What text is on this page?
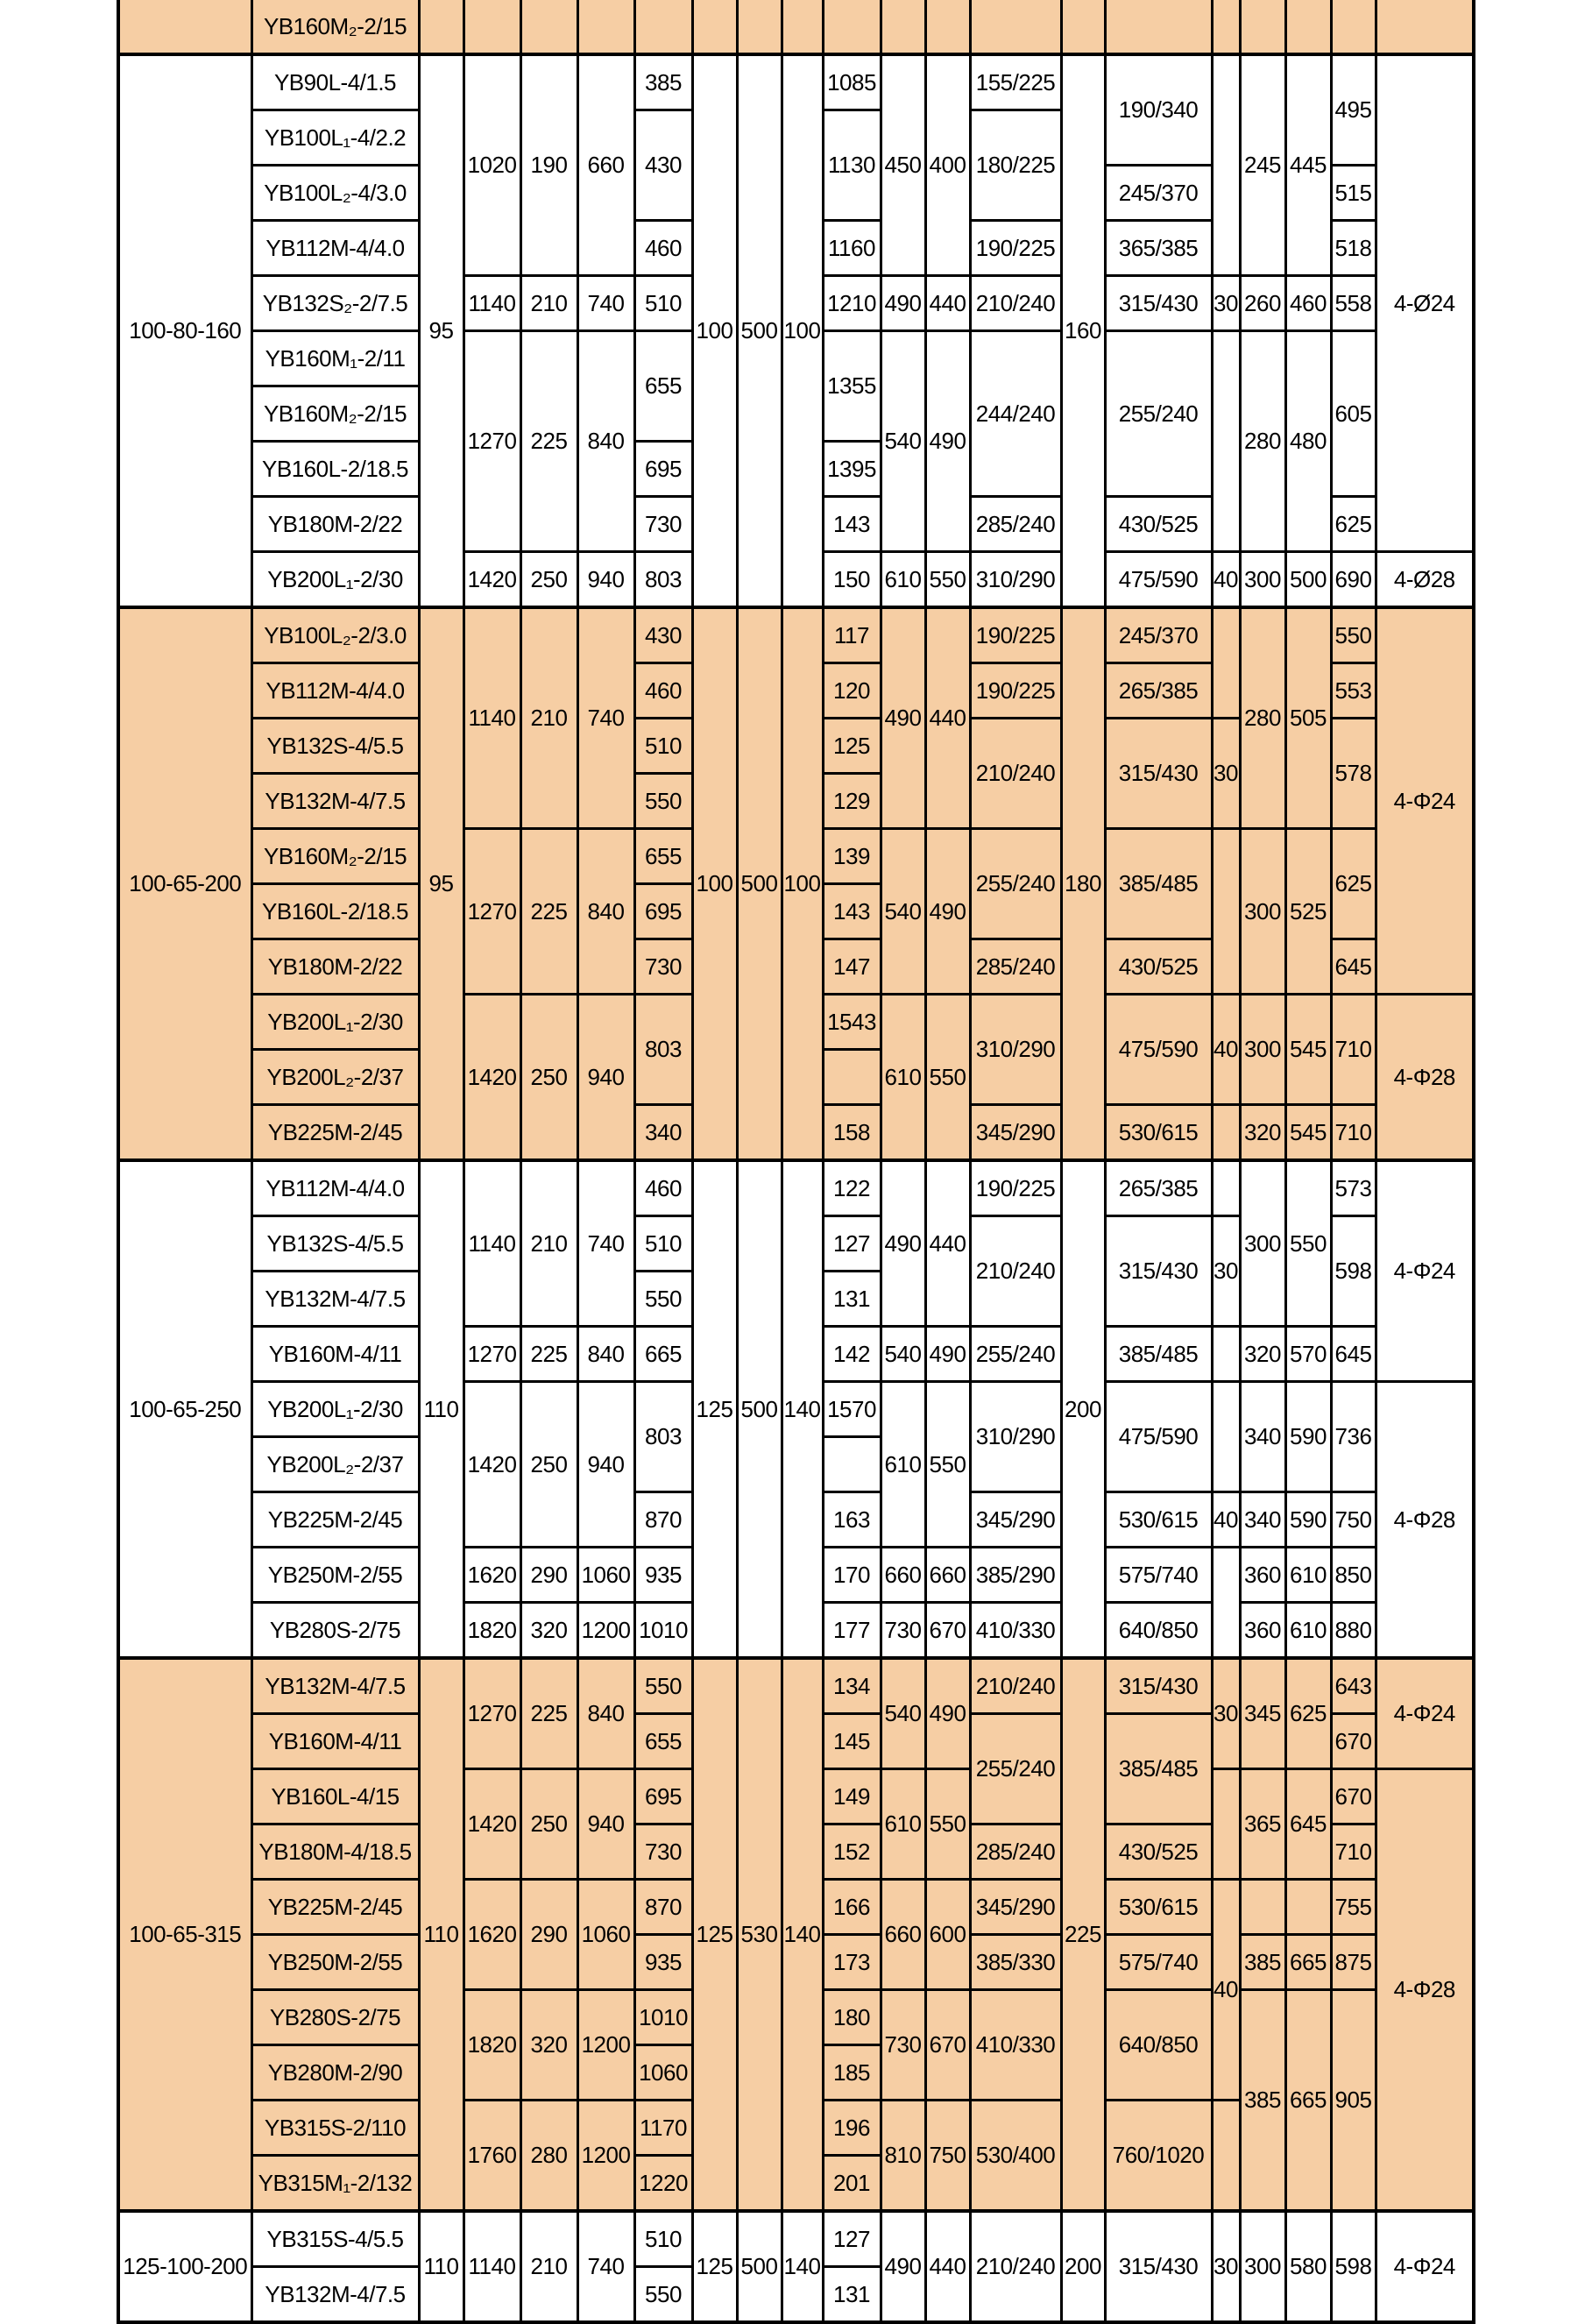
	YB160M₂-2/15																			
100-80-160	YB90L-4/1.5	95	1020	190	660	385	100	500	100	1085	450	400	155/225	160	190/340		245	445	495	4-Ø24
	YB100L₁-4/2.2					430				1130			180/225							
	YB100L₂-4/3.0														245/370				515	
	YB112M-4/4.0					460				1160			190/225		365/385				518	
	YB132S₂-2/7.5		1140	210	740	510				1210	490	440	210/240		315/430	30	260	460	558	
	YB160M₁-2/11		1270	225	840	655				1355	540	490	244/240		255/240		280	480	605	
	YB160M₂-2/15																			
	YB160L-2/18.5					695				1395										
	YB180M-2/22					730				143			285/240		430/525				625	
	YB200L₁-2/30		1420	250	940	803				150	610	550	310/290		475/590	40	300	500	690	4-Ø28
100-65-200	YB100L₂-2/3.0	95	1140	210	740	430	100	500	100	117	490	440	190/225	180	245/370		280	505	550	4-Φ24
	YB112M-4/4.0					460				120			190/225		265/385				553	
	YB132S-4/5.5					510				125			210/240		315/430	30			578	
	YB132M-4/7.5					550				129										
	YB160M₂-2/15		1270	225	840	655				139	540	490	255/240		385/485		300	525	625	
	YB160L-2/18.5					695				143										
	YB180M-2/22					730				147			285/240		430/525				645	
	YB200L₁-2/30		1420	250	940	803				1543	610	550	310/290		475/590	40	300	545	710	4-Φ28
	YB200L₂-2/37																			
	YB225M-2/45					340				158			345/290		530/615		320	545	710	
100-65-250	YB112M-4/4.0	110	1140	210	740	460	125	500	140	122	490	440	190/225	200	265/385		300	550	573	4-Φ24
	YB132S-4/5.5					510				127			210/240		315/430	30			598	
	YB132M-4/7.5					550				131										
	YB160M-4/11		1270	225	840	665				142	540	490	255/240		385/485		320	570	645	
	YB200L₁-2/30		1420	250	940	803				1570	610	550	310/290		475/590		340	590	736	4-Φ28
	YB200L₂-2/37																			
	YB225M-2/45					870				163			345/290		530/615	40	340	590	750	
	YB250M-2/55		1620	290	1060	935				170	660	660	385/290		575/740		360	610	850	
	YB280S-2/75		1820	320	1200	1010				177	730	670	410/330		640/850		360	610	880	
100-65-315	YB132M-4/7.5	110	1270	225	840	550	125	530	140	134	540	490	210/240	225	315/430	30	345	625	643	4-Φ24
	YB160M-4/11					655				145			255/240		385/485				670	
	YB160L-4/15		1420	250	940	695				149	610	550					365	645	670	4-Φ28
	YB180M-4/18.5					730				152			285/240		430/525				710	
	YB225M-2/45		1620	290	1060	870				166	660	600	345/290		530/615	40			755	
	YB250M-2/55					935				173			385/330		575/740		385	665	875	
	YB280S-2/75		1820	320	1200	1010				180	730	670	410/330		640/850		385	665	905	
	YB280M-2/90					1060				185										
	YB315S-2/110		1760	280	1200	1170				196	810	750	530/400		760/1020					
	YB315M₁-2/132					1220				201										
125-100-200	YB315S-4/5.5	110	1140	210	740	510	125	500	140	127	490	440	210/240	200	315/430	30	300	580	598	4-Φ24
	YB132M-4/7.5					550				131										
